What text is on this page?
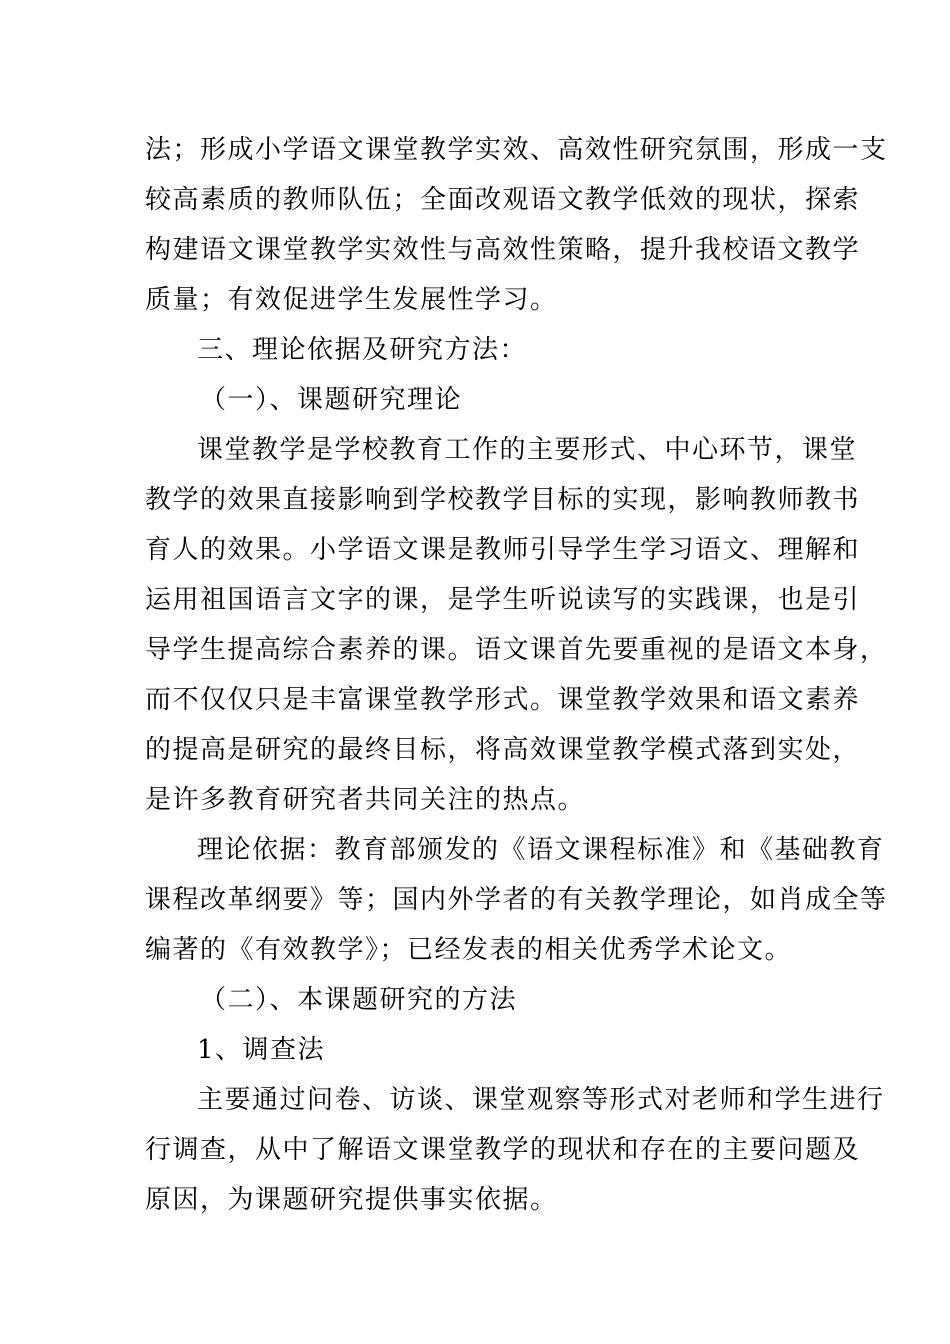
法；形成小学语文课堂教学实效、高效性研究氛围，形成一支
较高素质的教师队伍；全面改观语文教学低效的现状，探索
构建语文课堂教学实效性与高效性策略，提升我校语文教学
质量；有效促进学生发展性学习。
三、理论依据及研究方法：
（一）、课题研究理论
课堂教学是学校教育工作的主要形式、中心环节，课堂
教学的效果直接影响到学校教学目标的实现，影响教师教书
育人的效果。小学语文课是教师引导学生学习语文、理解和
运用祖国语言文字的课，是学生听说读写的实践课，也是引
导学生提高综合素养的课。语文课首先要重视的是语文本身，
而不仅仅只是丰富课堂教学形式。课堂教学效果和语文素养
的提高是研究的最终目标，将高效课堂教学模式落到实处，
是许多教育研究者共同关注的热点。
理论依据：教育部颁发的《语文课程标准》和《基础教育
课程改革纲要》等；国内外学者的有关教学理论，如肖成全等
编著的《有效教学》；已经发表的相关优秀学术论文。
（二）、本课题研究的方法
1、调查法
主要通过问卷、访谈、课堂观察等形式对老师和学生进行
行调查，从中了解语文课堂教学的现状和存在的主要问题及
原因，为课题研究提供事实依据。
